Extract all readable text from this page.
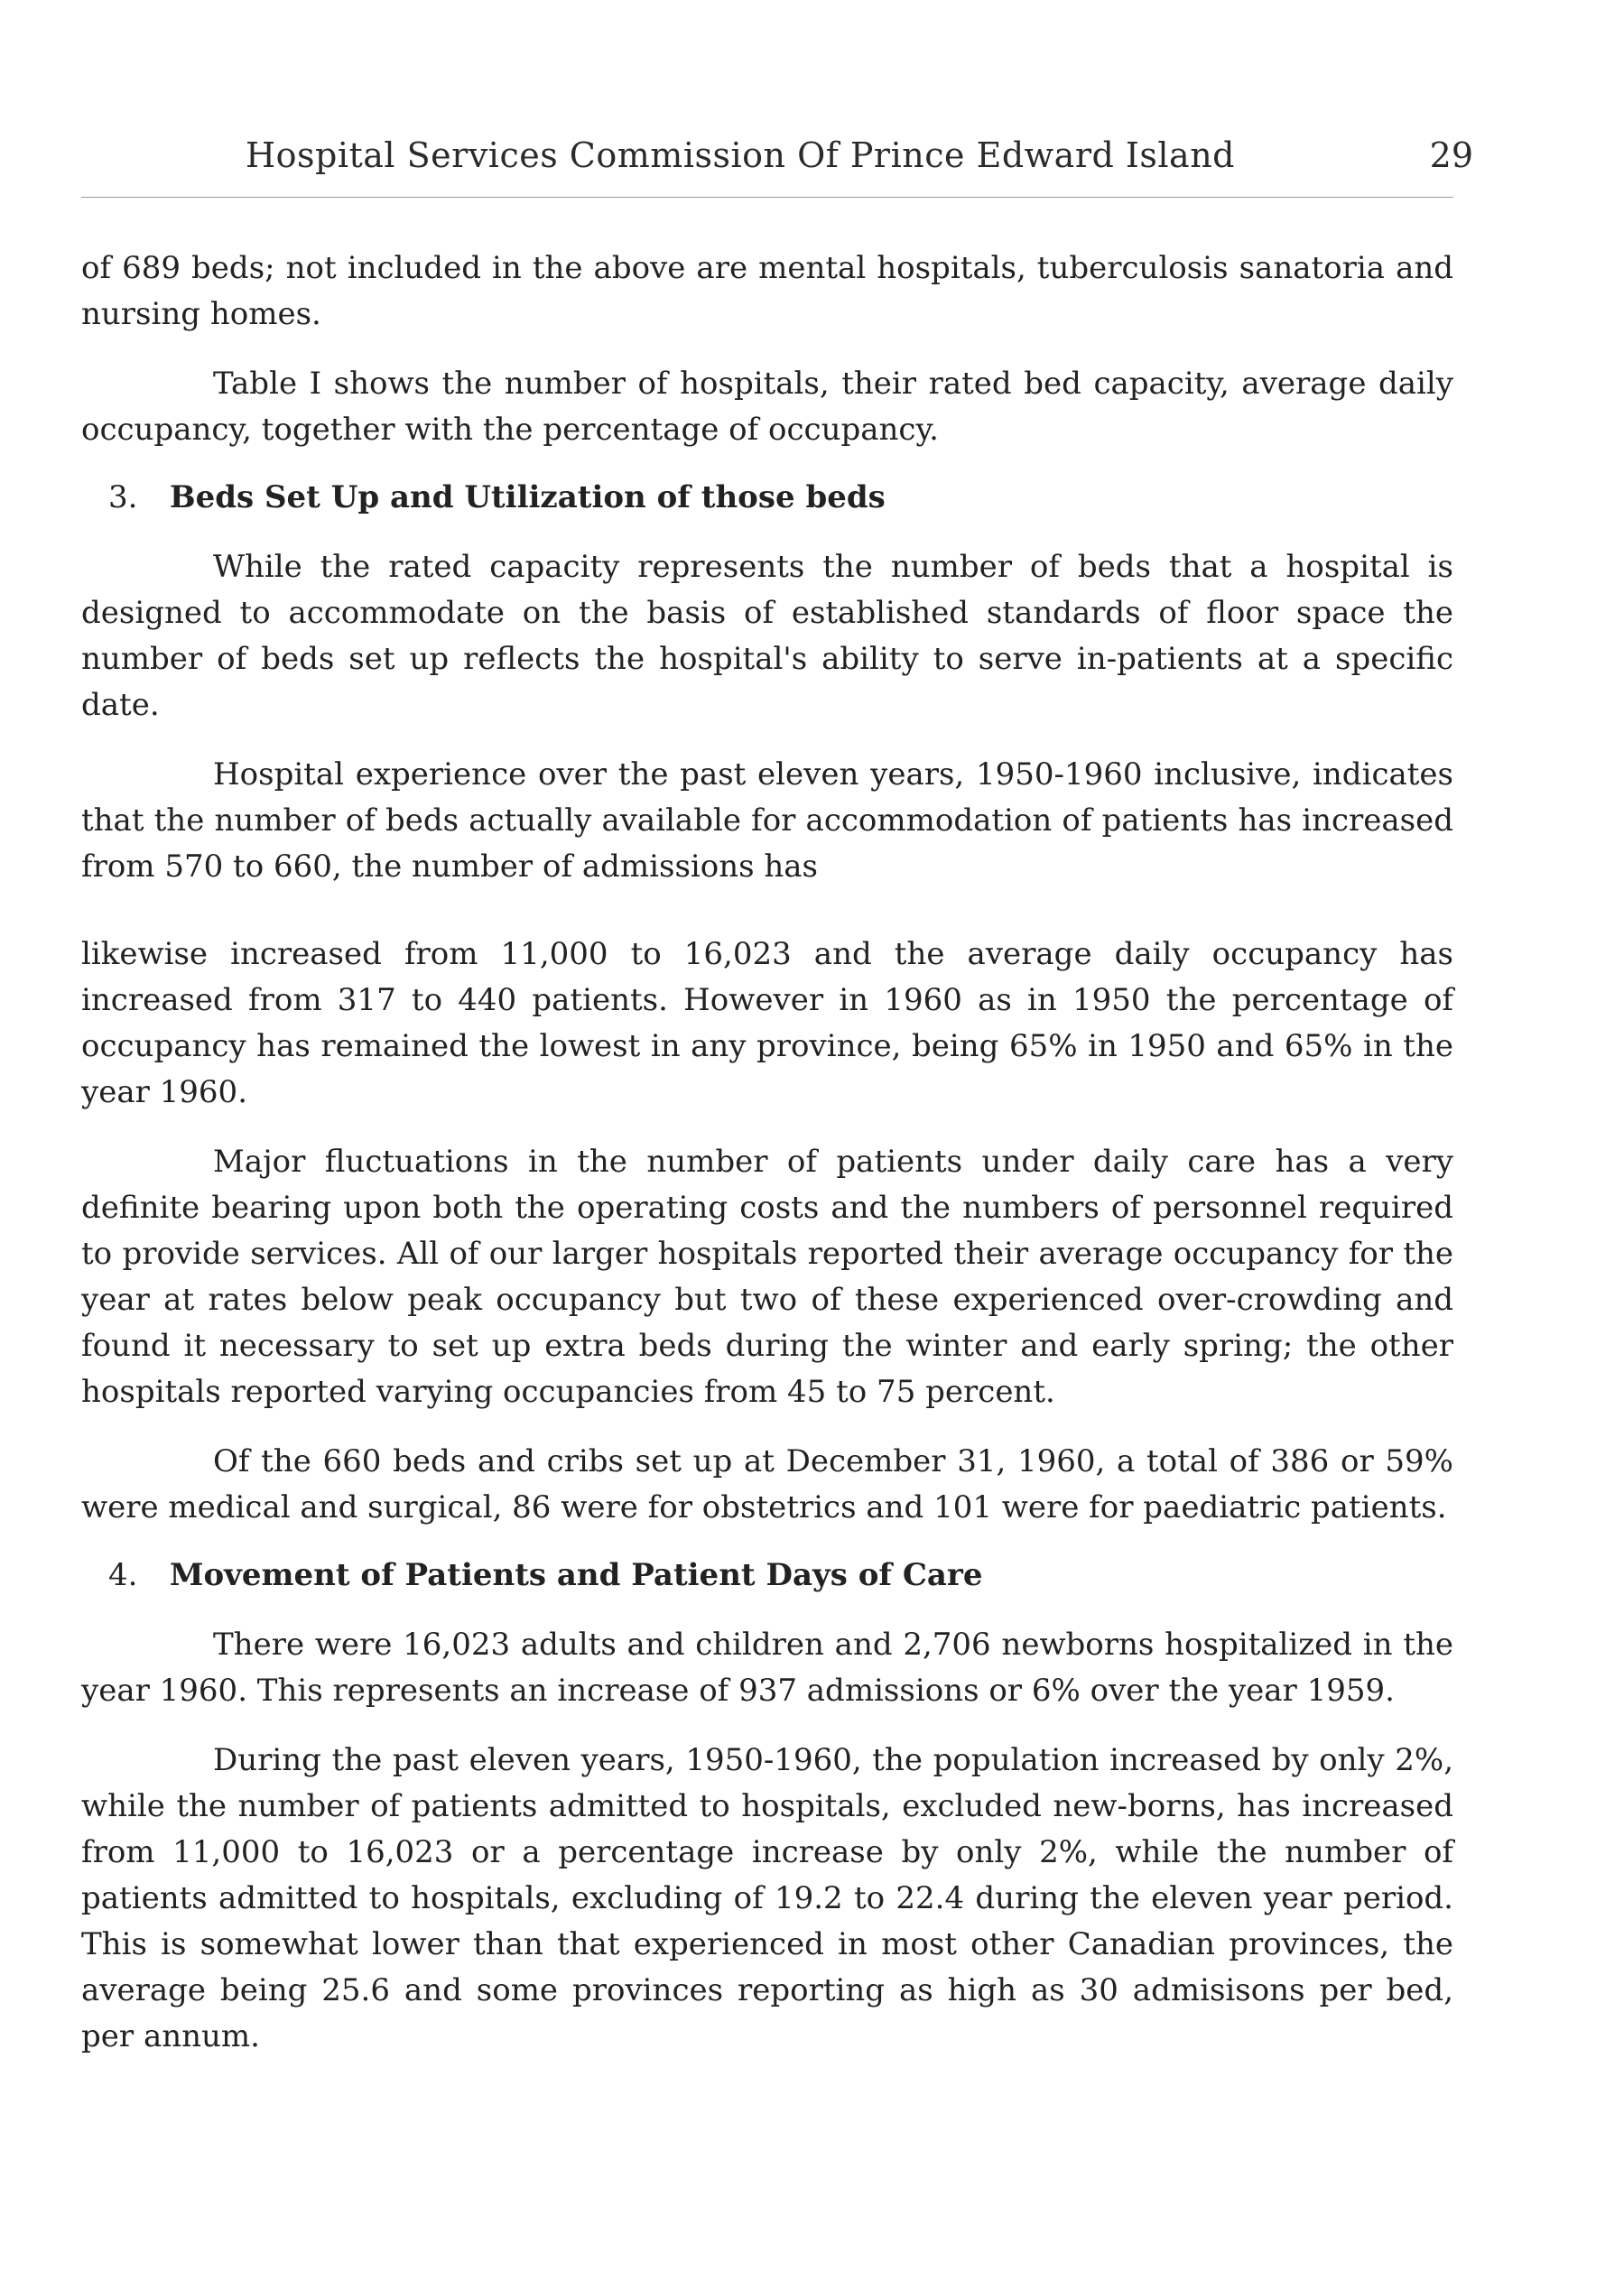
Hospital Services Commission Of Prince Edward Island	29

of 689 beds; not included in the above are mental hospitals, tuberculosis sanatoria and nursing homes.

Table I shows the number of hospitals, their rated bed capacity, average daily occupancy, together with the percentage of occupancy.

3. Beds Set Up and Utilization of those beds

While the rated capacity represents the number of beds that a hospital is designed to accommodate on the basis of established standards of floor space the number of beds set up reflects the hospital's ability to serve in-patients at a specific date.

Hospital experience over the past eleven years, 1950-1960 inclusive, indicates that the number of beds actually available for accommodation of patients has increased from 570 to 660, the number of admissions has

likewise increased from 11,000 to 16,023 and the average daily occupancy has increased from 317 to 440 patients. However in 1960 as in 1950 the percentage of occupancy has remained the lowest in any province, being 65% in 1950 and 65% in the year 1960.

Major fluctuations in the number of patients under daily care has a very definite bearing upon both the operating costs and the numbers of personnel required to provide services. All of our larger hospitals reported their average occupancy for the year at rates below peak occupancy but two of these experienced over-crowding and found it necessary to set up extra beds during the winter and early spring; the other hospitals reported varying occupancies from 45 to 75 percent.

Of the 660 beds and cribs set up at December 31, 1960, a total of 386 or 59% were medical and surgical, 86 were for obstetrics and 101 were for paediatric patients.

4. Movement of Patients and Patient Days of Care

There were 16,023 adults and children and 2,706 newborns hospitalized in the year 1960. This represents an increase of 937 admissions or 6% over the year 1959.

During the past eleven years, 1950-1960, the population increased by only 2%, while the number of patients admitted to hospitals, excluded new-borns, has increased from 11,000 to 16,023 or a percentage increase by only 2%, while the number of patients admitted to hospitals, excluding of 19.2 to 22.4 during the eleven year period. This is somewhat lower than that experienced in most other Canadian provinces, the average being 25.6 and some provinces reporting as high as 30 admisisons per bed, per annum.
